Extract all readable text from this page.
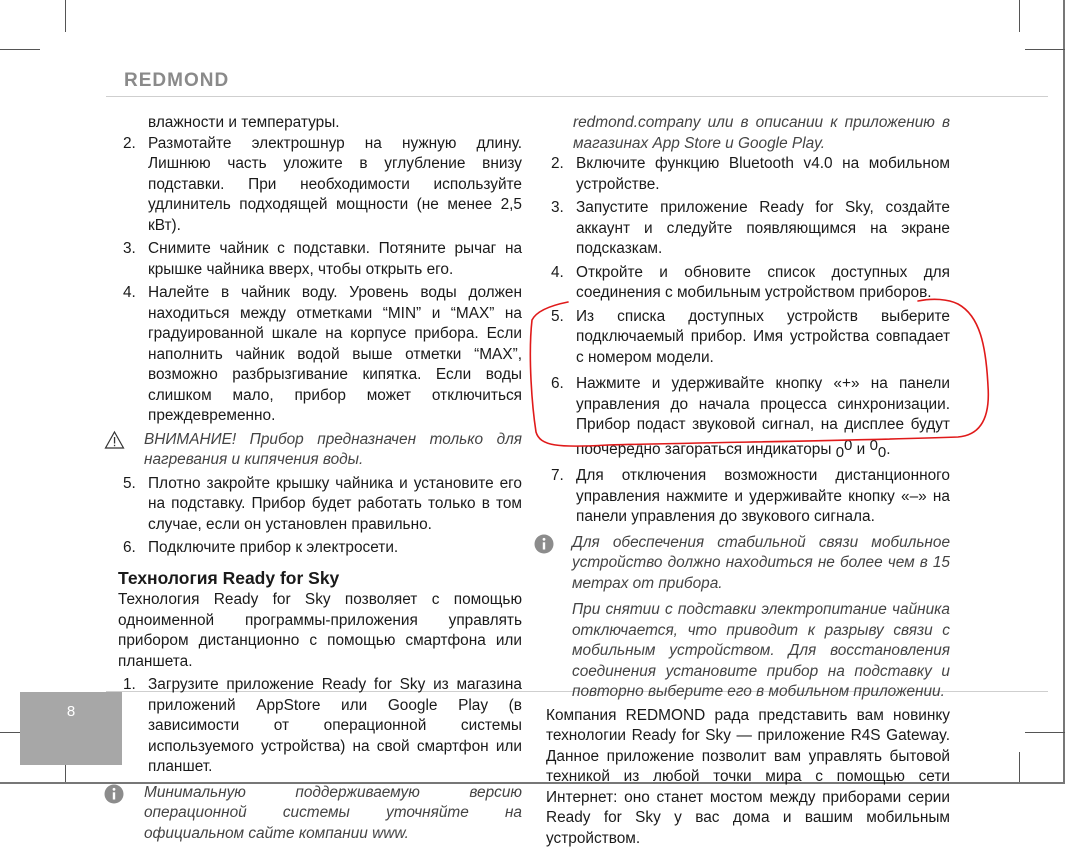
REDMOND
8

влажности и температуры.

2. Размотайте электрошнур на нужную длину. Лишнюю часть уложите в углубление внизу подставки. При необходимости используйте удлинитель подходящей мощности (не менее 2,5 кВт).
3. Снимите чайник с подставки. Потяните рычаг на крышке чайника вверх, чтобы открыть его.
4. Налейте в чайник воду. Уровень воды должен находиться между отметками “MIN” и “MAX” на градуированной шкале на корпусе прибора. Если наполнить чайник водой выше отметки “MAX”, возможно разбрызгивание кипятка. Если воды слишком мало, прибор может отключиться преждевременно.
ВНИМАНИЕ! Прибор предназначен только для нагревания и кипячения воды.
5. Плотно закройте крышку чайника и установите его на подставку. Прибор будет работать только в том случае, если он установлен правильно.
6. Подключите прибор к электросети.
Технология Ready for Sky

Технология Ready for Sky позволяет с помощью одноименной программы-приложения управлять прибором дистанционно с помощью смартфона или планшета.

1. Загрузите приложение Ready for Sky из магазина приложений AppStore или Google Play (в зависимости от операционной системы используемого устройства) на свой смартфон или планшет.
Минимальную поддерживаемую версию операционной системы уточняйте на официальном сайте компании www.

redmond.company или в описании к приложению в магазинах App Store и Google Play.

2. Включите функцию Bluetooth v4.0 на мобильном устройстве.
3. Запустите приложение Ready for Sky, создайте аккаунт и следуйте появляющимся на экране подсказкам.
4. Откройте и обновите список доступных для соединения с мобильным устройством приборов.
5. Из списка доступных устройств выберите подключаемый прибор. Имя устройства совпадает с номером модели.
6. Нажмите и удерживайте кнопку «+» на панели управления до начала процесса синхронизации. Прибор подаст звуковой сигнал, на дисплее будут поочередно загораться индикаторы 00 и 00.
7. Для отключения возможности дистанционного управления нажмите и удерживайте кнопку «–» на панели управления до звукового сигнала.
Для обеспечения стабильной связи мобильное устройство должно находиться не более чем в 15 метрах от прибора.
При снятии с подставки электропитание чайника отключается, что приводит к разрыву связи с мобильным устройством. Для восстановления соединения установите прибор на подставку и повторно выберите его в мобильном приложении.

Компания REDMOND рада представить вам новинку технологии Ready for Sky — приложение R4S Gateway. Данное приложение позволит вам управлять бытовой техникой из любой точки мира с помощью сети Интернет: оно станет мостом между приборами серии Ready for Sky у вас дома и вашим мобильным устройством.
